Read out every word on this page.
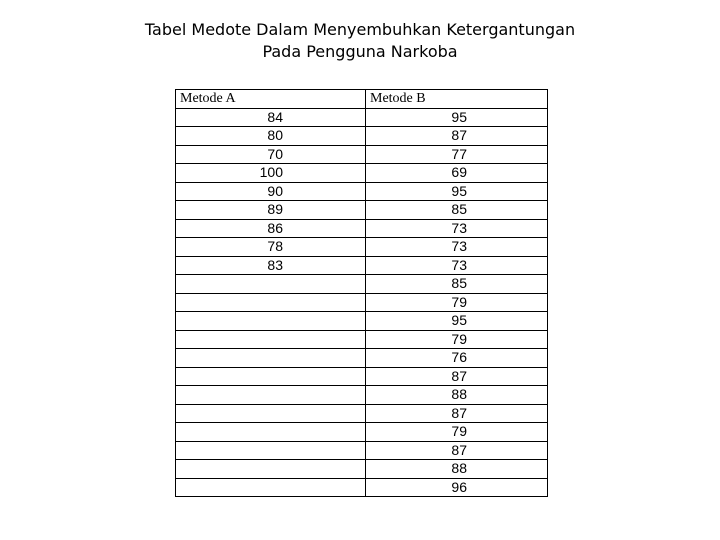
Tabel Medote Dalam Menyembuhkan Ketergantungan
Pada Pengguna Narkoba
Metode A	Metode B
84	95
80	87
70	77
100	69
90	95
89	85
86	73
78	73
83	73
	85
	79
	95
	79
	76
	87
	88
	87
	79
	87
	88
	96
